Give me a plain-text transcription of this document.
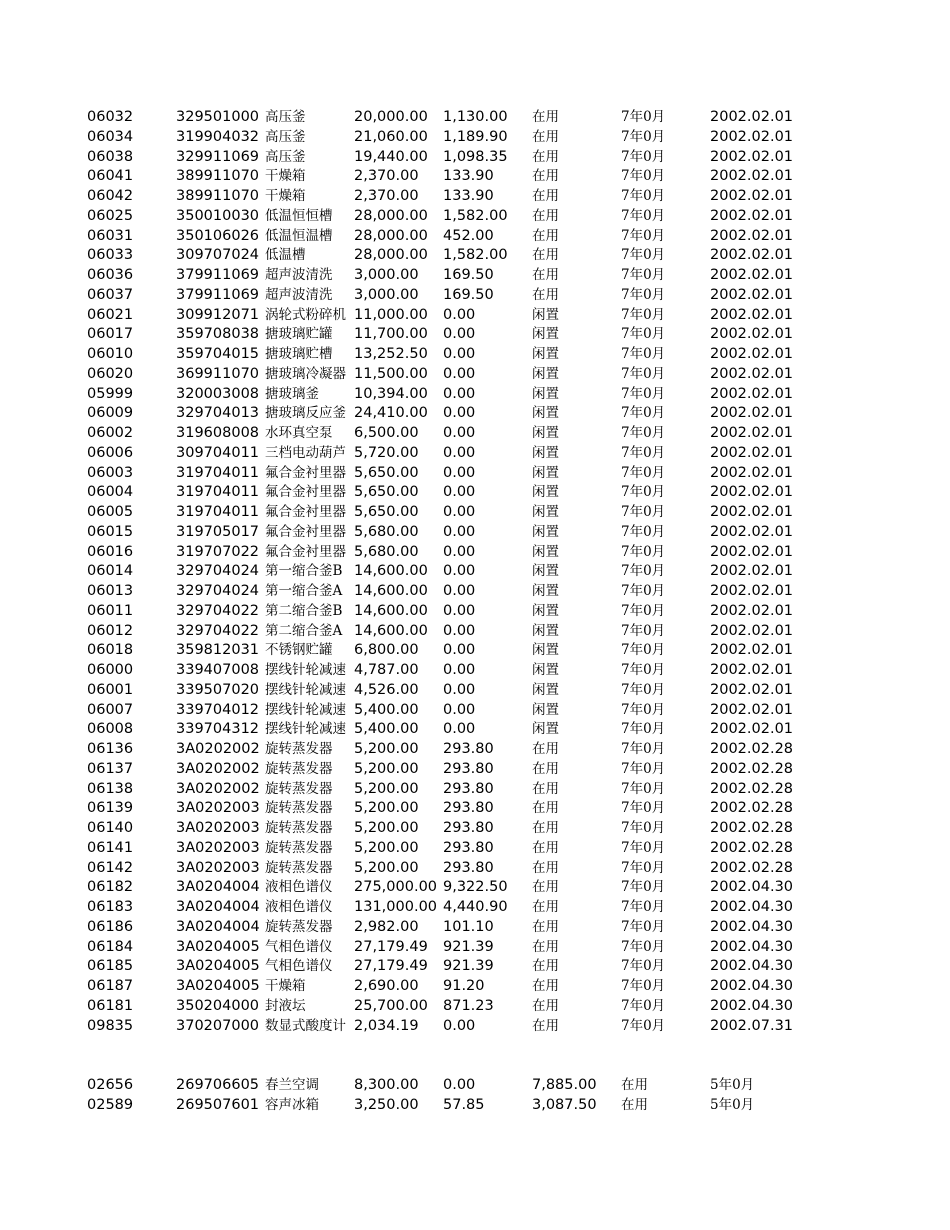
06032	329501000 高压釜	20,000.00	1,130.00	在用	7年0月	2002.02.01
06034	319904032 高压釜	21,060.00	1,189.90	在用	7年0月	2002.02.01
06038	329911069 高压釜	19,440.00	1,098.35	在用	7年0月	2002.02.01
06041	389911070 干燥箱	2,370.00	133.90	在用	7年0月	2002.02.01
06042	389911070 干燥箱	2,370.00	133.90	在用	7年0月	2002.02.01
06025	350010030 低温恒恒槽	28,000.00	1,582.00	在用	7年0月	2002.02.01
06031	350106026 低温恒温槽	28,000.00	452.00	在用	7年0月	2002.02.01
06033	309707024 低温槽	28,000.00	1,582.00	在用	7年0月	2002.02.01
06036	379911069 超声波清洗	3,000.00	169.50	在用	7年0月	2002.02.01
06037	379911069 超声波清洗	3,000.00	169.50	在用	7年0月	2002.02.01
06021	309912071 涡轮式粉碎机 11,000.00	0.00	闲置	7年0月	2002.02.01
06017	359708038 搪玻璃贮罐	11,700.00	0.00	闲置	7年0月	2002.02.01
06010	359704015 搪玻璃贮槽	13,252.50	0.00	闲置	7年0月	2002.02.01
06020	369911070 搪玻璃冷凝器 11,500.00	0.00	闲置	7年0月	2002.02.01
05999	320003008 搪玻璃釜	10,394.00	0.00	闲置	7年0月	2002.02.01
06009	329704013 搪玻璃反应釜 24,410.00	0.00	闲置	7年0月	2002.02.01
06002	319608008 水环真空泵	6,500.00	0.00	闲置	7年0月	2002.02.01
06006	309704011 三档电动葫芦 5,720.00	0.00	闲置	7年0月	2002.02.01
06003	319704011 氟合金衬里器 5,650.00	0.00	闲置	7年0月	2002.02.01
06004	319704011 氟合金衬里器 5,650.00	0.00	闲置	7年0月	2002.02.01
06005	319704011 氟合金衬里器 5,650.00	0.00	闲置	7年0月	2002.02.01
06015	319705017 氟合金衬里器 5,680.00	0.00	闲置	7年0月	2002.02.01
06016	319707022 氟合金衬里器 5,680.00	0.00	闲置	7年0月	2002.02.01
06014	329704024 第一缩合釜B 14,600.00	0.00	闲置	7年0月	2002.02.01
06013	329704024 第一缩合釜A 14,600.00	0.00	闲置	7年0月	2002.02.01
06011	329704022 第二缩合釜B 14,600.00	0.00	闲置	7年0月	2002.02.01
06012	329704022 第二缩合釜A 14,600.00	0.00	闲置	7年0月	2002.02.01
06018	359812031 不锈钢贮罐	6,800.00	0.00	闲置	7年0月	2002.02.01
06000	339407008 摆线针轮减速 4,787.00	0.00	闲置	7年0月	2002.02.01
06001	339507020 摆线针轮减速 4,526.00	0.00	闲置	7年0月	2002.02.01
06007	339704012 摆线针轮减速 5,400.00	0.00	闲置	7年0月	2002.02.01
06008	339704312 摆线针轮减速 5,400.00	0.00	闲置	7年0月	2002.02.01
06136	3A0202002 旋转蒸发器	5,200.00	293.80	在用	7年0月	2002.02.28
06137	3A0202002 旋转蒸发器	5,200.00	293.80	在用	7年0月	2002.02.28
06138	3A0202002 旋转蒸发器	5,200.00	293.80	在用	7年0月	2002.02.28
06139	3A0202003 旋转蒸发器	5,200.00	293.80	在用	7年0月	2002.02.28
06140	3A0202003 旋转蒸发器	5,200.00	293.80	在用	7年0月	2002.02.28
06141	3A0202003 旋转蒸发器	5,200.00	293.80	在用	7年0月	2002.02.28
06142	3A0202003 旋转蒸发器	5,200.00	293.80	在用	7年0月	2002.02.28
06182	3A0204004 液相色谱仪	275,000.00 9,322.50	在用	7年0月	2002.04.30
06183	3A0204004 液相色谱仪	131,000.00 4,440.90	在用	7年0月	2002.04.30
06186	3A0204004 旋转蒸发器	2,982.00	101.10	在用	7年0月	2002.04.30
06184	3A0204005 气相色谱仪	27,179.49	921.39	在用	7年0月	2002.04.30
06185	3A0204005 气相色谱仪	27,179.49	921.39	在用	7年0月	2002.04.30
06187	3A0204005 干燥箱	2,690.00	91.20	在用	7年0月	2002.04.30
06181	350204000 封液坛	25,700.00	871.23	在用	7年0月	2002.04.30
09835	370207000 数显式酸度计 2,034.19	0.00	在用	7年0月	2002.07.31
02656	269706605 春兰空调	8,300.00	0.00	7,885.00	在用	5年0月
02589	269507601 容声冰箱	3,250.00	57.85	3,087.50	在用	5年0月
